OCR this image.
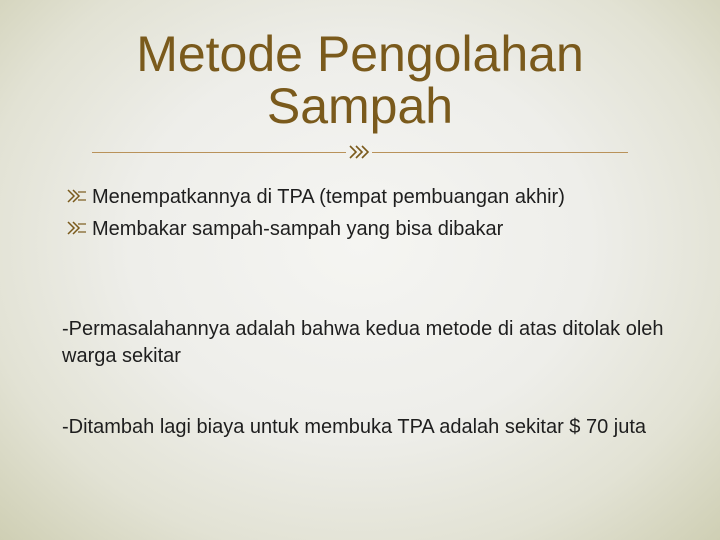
Metode Pengolahan Sampah
Menempatkannya di TPA (tempat pembuangan akhir)
Membakar sampah-sampah yang bisa dibakar

-Permasalahannya adalah bahwa kedua metode di atas ditolak oleh warga sekitar

-Ditambah lagi biaya untuk membuka TPA adalah sekitar $ 70 juta
